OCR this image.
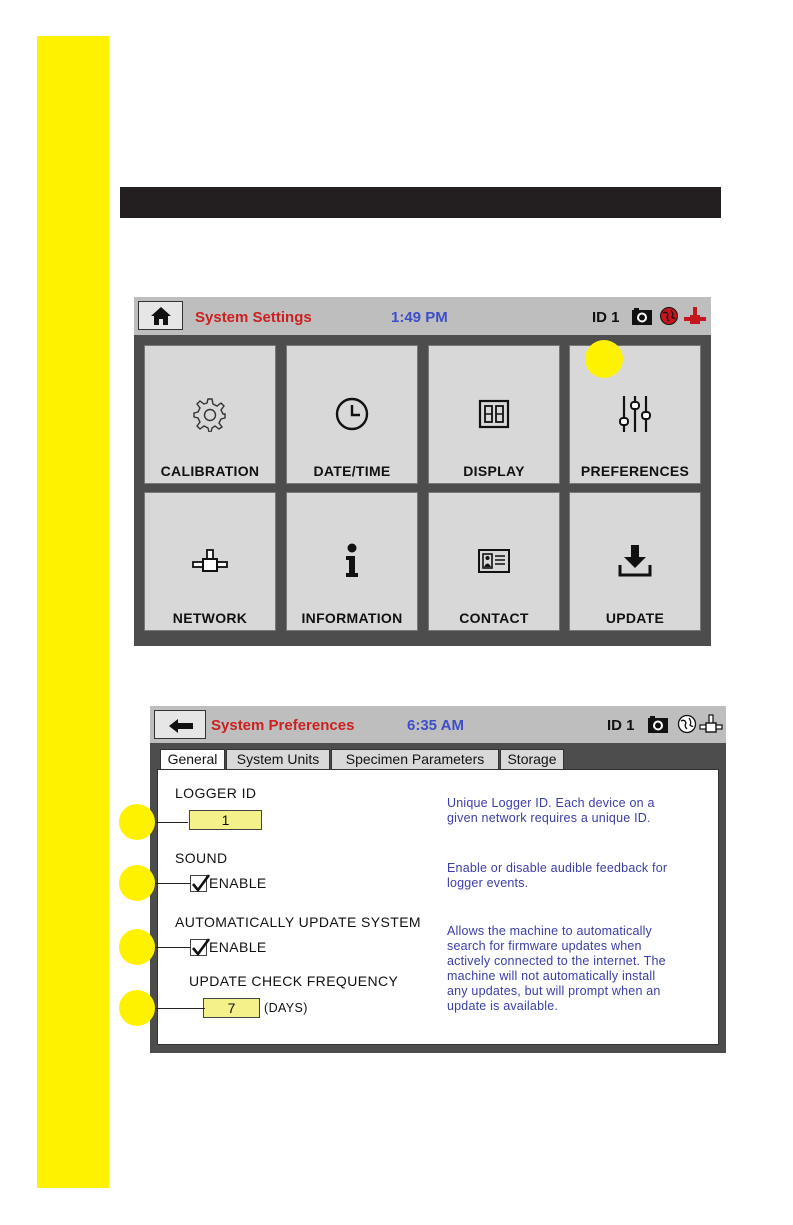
System Settings	1:49 PM	ID 1
CALIBRATION	DATE/TIME	DISPLAY	PREFERENCES
NETWORK	INFORMATION	CONTACT	UPDATE
System Preferences	6:35 AM	ID 1
General	System Units	Specimen Parameters	Storage
LOGGER ID
1
Unique Logger ID. Each device on a
given network requires a unique ID.
SOUND
ENABLE
Enable or disable audible feedback for
logger events.
AUTOMATICALLY UPDATE SYSTEM
ENABLE
Allows the machine to automatically
search for firmware updates when
actively connected to the internet. The
machine will not automatically install
any updates, but will prompt when an
update is available.
UPDATE CHECK FREQUENCY
7	(DAYS)
